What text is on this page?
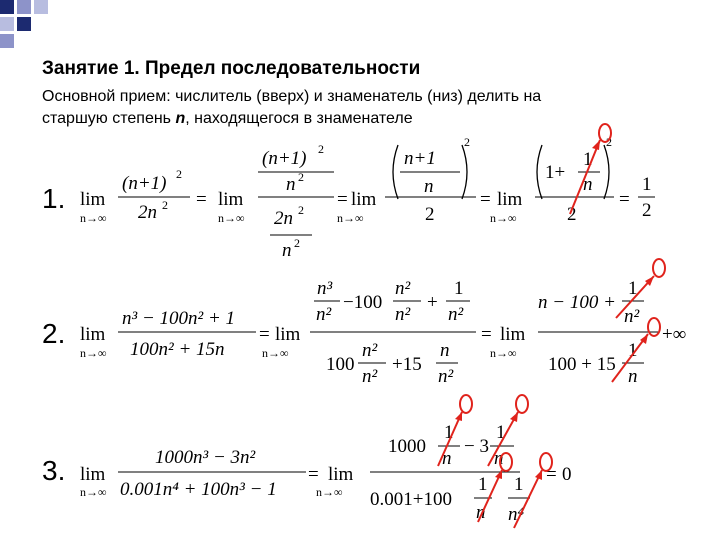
Занятие 1. Предел последовательности
Основной прием: числитель (вверх) и знаменатель (низ) делить на
старшую степень n, находящегося в знаменателе
1.
2.
3.
lim
n→∞
(n+1) 2
2n 2 = lim
n→∞
(n+1) 2
n 2
2n 2
n 2
= lim
n→∞
n+1
n
2
2
= lim
n→∞
1+
1
n
2
2
=
1
2
lim
n→∞
n³ − 100n² + 1
100n² + 15n
= lim
n→∞
n³
n²
−100
n²
n²
+
1
n²
100
n²
n²
+15
n
n²
= lim
n→∞
n − 100 +
1
n²
100 + 15
1
n
+∞
lim
n→∞
1000n³ − 3n²
0.001n⁴ + 100n³ − 1
= lim
n→∞
1000
1
n
− 3
1
n
0.001+100
1
n
1
n⁴
= 0
